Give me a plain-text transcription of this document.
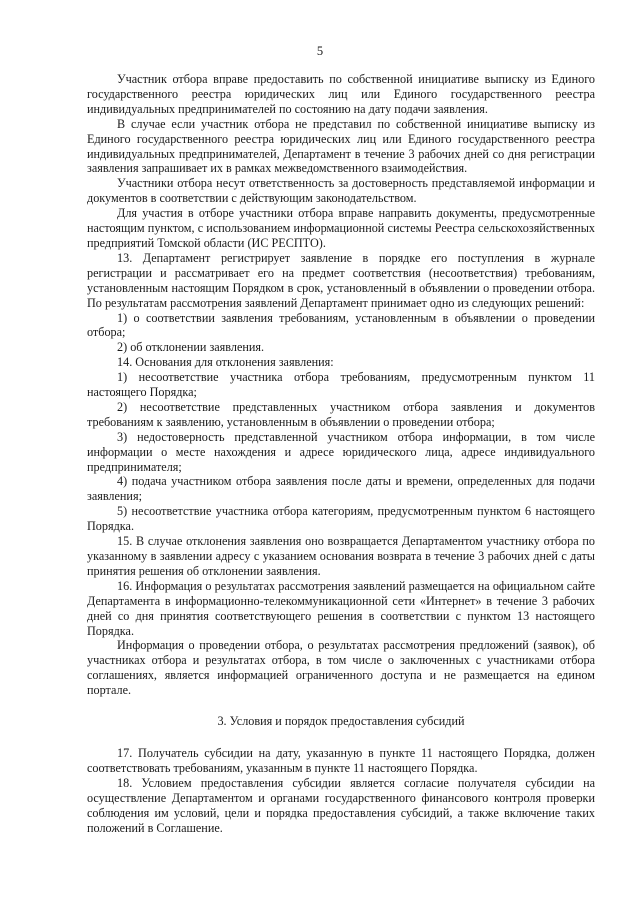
5

Участник отбора вправе предоставить по собственной инициативе выписку из Единого государственного реестра юридических лиц или Единого государственного реестра индивидуальных предпринимателей по состоянию на дату подачи заявления.

В случае если участник отбора не представил по собственной инициативе выписку из Единого государственного реестра юридических лиц или Единого государственного реестра индивидуальных предпринимателей, Департамент в течение 3 рабочих дней со дня регистрации заявления запрашивает их в рамках межведомственного взаимодействия.

Участники отбора несут ответственность за достоверность представляемой информации и документов в соответствии с действующим законодательством.

Для участия в отборе участники отбора вправе направить документы, предусмотренные настоящим пунктом, с использованием информационной системы Реестра сельскохозяйственных предприятий Томской области (ИС РЕСПТО).

13. Департамент регистрирует заявление в порядке его поступления в журнале регистрации и рассматривает его на предмет соответствия (несоответствия) требованиям, установленным настоящим Порядком в срок, установленный в объявлении о проведении отбора. По результатам рассмотрения заявлений Департамент принимает одно из следующих решений:

1) о соответствии заявления требованиям, установленным в объявлении о проведении отбора;

2) об отклонении заявления.

14. Основания для отклонения заявления:

1) несоответствие участника отбора требованиям, предусмотренным пунктом 11 настоящего Порядка;

2) несоответствие представленных участником отбора заявления и документов требованиям к заявлению, установленным в объявлении о проведении отбора;

3) недостоверность представленной участником отбора информации, в том числе информации о месте нахождения и адресе юридического лица, адресе индивидуального предпринимателя;

4) подача участником отбора заявления после даты и времени, определенных для подачи заявления;

5) несоответствие участника отбора категориям, предусмотренным пунктом 6 настоящего Порядка.

15. В случае отклонения заявления оно возвращается Департаментом участнику отбора по указанному в заявлении адресу с указанием основания возврата в течение 3 рабочих дней с даты принятия решения об отклонении заявления.

16. Информация о результатах рассмотрения заявлений размещается на официальном сайте Департамента в информационно-телекоммуникационной сети «Интернет» в течение 3 рабочих дней со дня принятия соответствующего решения в соответствии с пунктом 13 настоящего Порядка.

Информация о проведении отбора, о результатах рассмотрения предложений (заявок), об участниках отбора и результатах отбора, в том числе о заключенных с участниками отбора соглашениях, является информацией ограниченного доступа и не размещается на едином портале.

3. Условия и порядок предоставления субсидий

17. Получатель субсидии на дату, указанную в пункте 11 настоящего Порядка, должен соответствовать требованиям, указанным в пункте 11 настоящего Порядка.

18. Условием предоставления субсидии является согласие получателя субсидии на осуществление Департаментом и органами государственного финансового контроля проверки соблюдения им условий, цели и порядка предоставления субсидий, а также включение таких положений в Соглашение.
